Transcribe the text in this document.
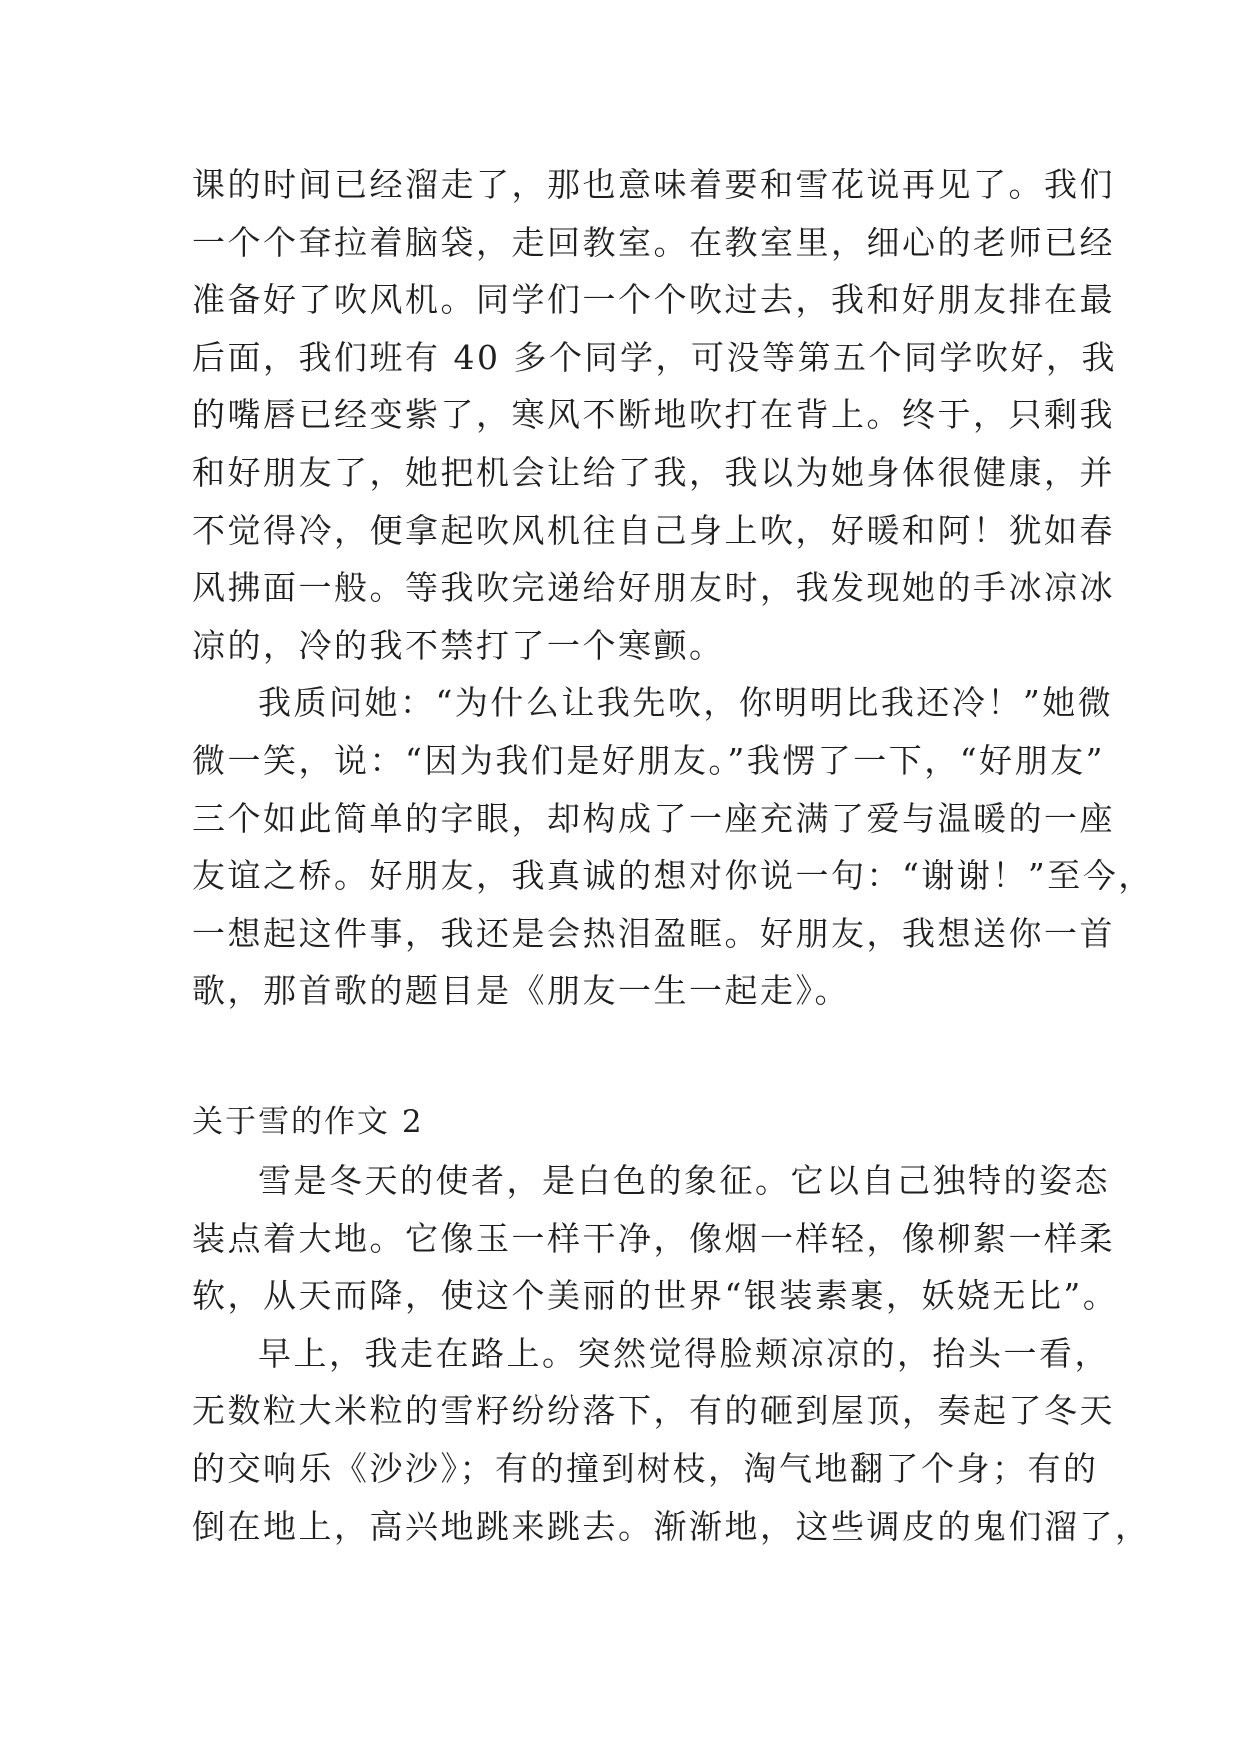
课的时间已经溜走了，那也意味着要和雪花说再见了。我们
一个个耷拉着脑袋，走回教室。在教室里，细心的老师已经
准备好了吹风机。同学们一个个吹过去，我和好朋友排在最
后面，我们班有 40 多个同学，可没等第五个同学吹好，我
的嘴唇已经变紫了，寒风不断地吹打在背上。终于，只剩我
和好朋友了，她把机会让给了我，我以为她身体很健康，并
不觉得冷，便拿起吹风机往自己身上吹，好暖和阿！犹如春
风拂面一般。等我吹完递给好朋友时，我发现她的手冰凉冰
凉的，冷的我不禁打了一个寒颤。
我质问她：“为什么让我先吹，你明明比我还冷！”她微
微一笑，说：“因为我们是好朋友。”我愣了一下，“好朋友”
三个如此简单的字眼，却构成了一座充满了爱与温暖的一座
友谊之桥。好朋友，我真诚的想对你说一句：“谢谢！”至今，
一想起这件事，我还是会热泪盈眶。好朋友，我想送你一首
歌，那首歌的题目是《朋友一生一起走》。
关于雪的作文 2
雪是冬天的使者，是白色的象征。它以自己独特的姿态
装点着大地。它像玉一样干净，像烟一样轻，像柳絮一样柔
软，从天而降，使这个美丽的世界“银装素裹，妖娆无比”。
早上，我走在路上。突然觉得脸颊凉凉的，抬头一看，
无数粒大米粒的雪籽纷纷落下，有的砸到屋顶，奏起了冬天
的交响乐《沙沙》；有的撞到树枝，淘气地翻了个身；有的
倒在地上，高兴地跳来跳去。渐渐地，这些调皮的鬼们溜了，
